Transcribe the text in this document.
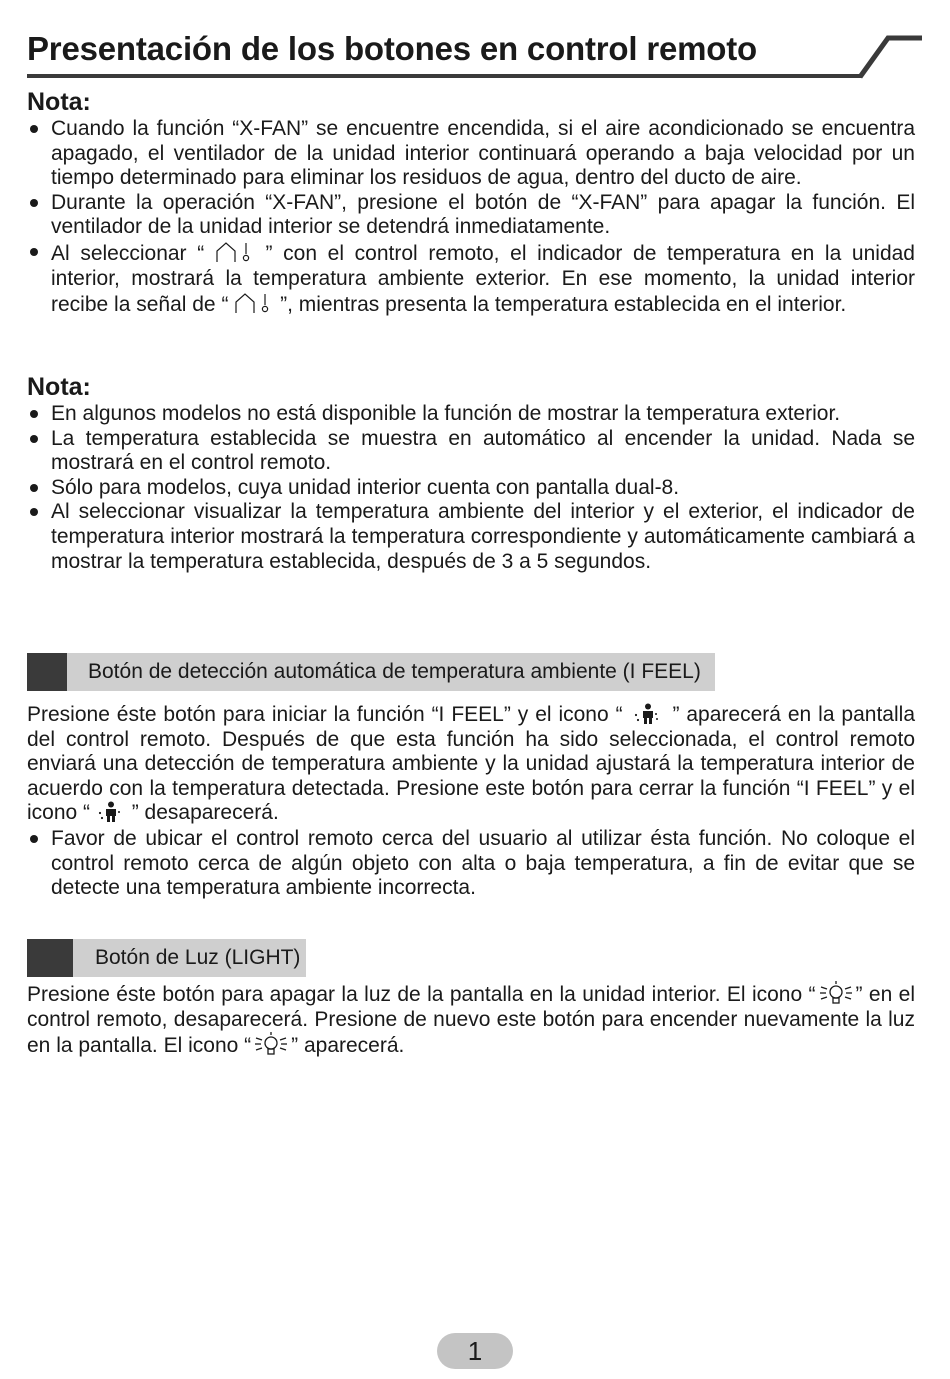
Presentación de los botones en control remoto
Nota:
Cuando la función “X-FAN” se encuentre encendida, si el aire acondicionado se encuentra apagado, el ventilador de la unidad interior continuará operando a baja velocidad por un tiempo determinado para eliminar los residuos de agua, dentro del ducto de aire.
Durante la operación “X-FAN”, presione el botón de “X-FAN” para apagar la función. El ventilador de la unidad interior se detendrá inmediatamente.
Al seleccionar “  ” con el control remoto, el indicador de temperatura en la unidad interior, mostrará la temperatura ambiente exterior. En ese momento, la unidad interior recibe la señal de “  ”, mientras presenta la temperatura establecida en el interior.
Nota:
En algunos modelos no está disponible la función de mostrar la temperatura exterior.
La temperatura establecida se muestra en automático al encender la unidad. Nada se mostrará en el control remoto.
Sólo para modelos, cuya unidad interior cuenta con pantalla dual-8.
Al seleccionar visualizar la temperatura ambiente del interior y el exterior, el indicador de temperatura interior mostrará la temperatura correspondiente y automáticamente cambiará a mostrar la temperatura establecida, después de 3 a 5 segundos.
Botón de detección automática de temperatura ambiente (I FEEL)

Presione éste botón para iniciar la función “I FEEL” y el icono “  ” aparecerá en la pantalla del control remoto. Después de que esta función ha sido seleccionada, el control remoto enviará una detección de temperatura ambiente y la unidad ajustará la temperatura interior de acuerdo con la temperatura detectada. Presione este botón para cerrar la función “I FEEL” y el icono “  ” desaparecerá.

Favor de ubicar el control remoto cerca del usuario al utilizar ésta función. No coloque el control remoto cerca de algún objeto con alta o baja temperatura, a fin de evitar que se detecte una temperatura ambiente incorrecta.
Botón de Luz (LIGHT)

Presione éste botón para apagar la luz de la pantalla en la unidad interior. El icono “ ” en el control remoto, desaparecerá. Presione de nuevo este botón para encender nuevamente la luz en la pantalla. El icono “ ” aparecerá.

1
